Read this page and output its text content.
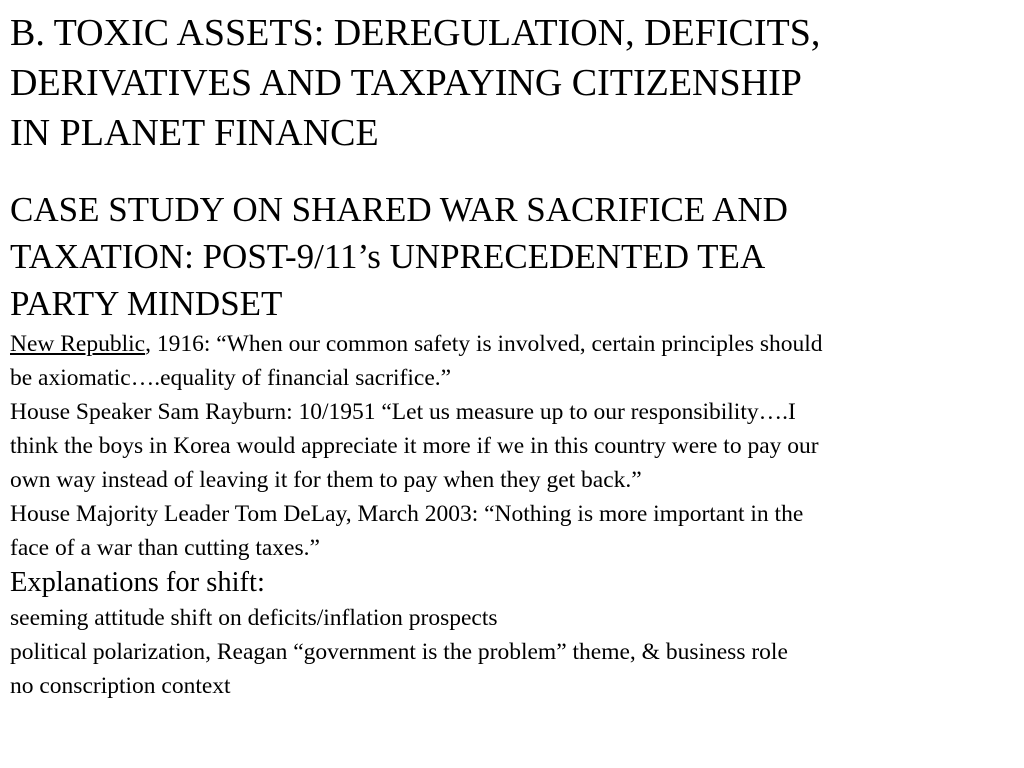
B. TOXIC ASSETS: DEREGULATION, DEFICITS,
DERIVATIVES AND TAXPAYING CITIZENSHIP
IN PLANET FINANCE
CASE STUDY ON SHARED WAR SACRIFICE AND
TAXATION: POST-9/11’s UNPRECEDENTED TEA
PARTY MINDSET
New Republic, 1916: “When our common safety is involved, certain principles should
be axiomatic….equality of financial sacrifice.”
House Speaker Sam Rayburn: 10/1951 “Let us measure up to our responsibility….I
think the boys in Korea would appreciate it more if we in this country were to pay our
own way instead of leaving it for them to pay when they get back.”
House Majority Leader Tom DeLay, March 2003: “Nothing is more important in the
face of a war than cutting taxes.”
Explanations for shift:
seeming attitude shift on deficits/inflation prospects
political polarization, Reagan “government is the problem” theme, & business role
no conscription context
